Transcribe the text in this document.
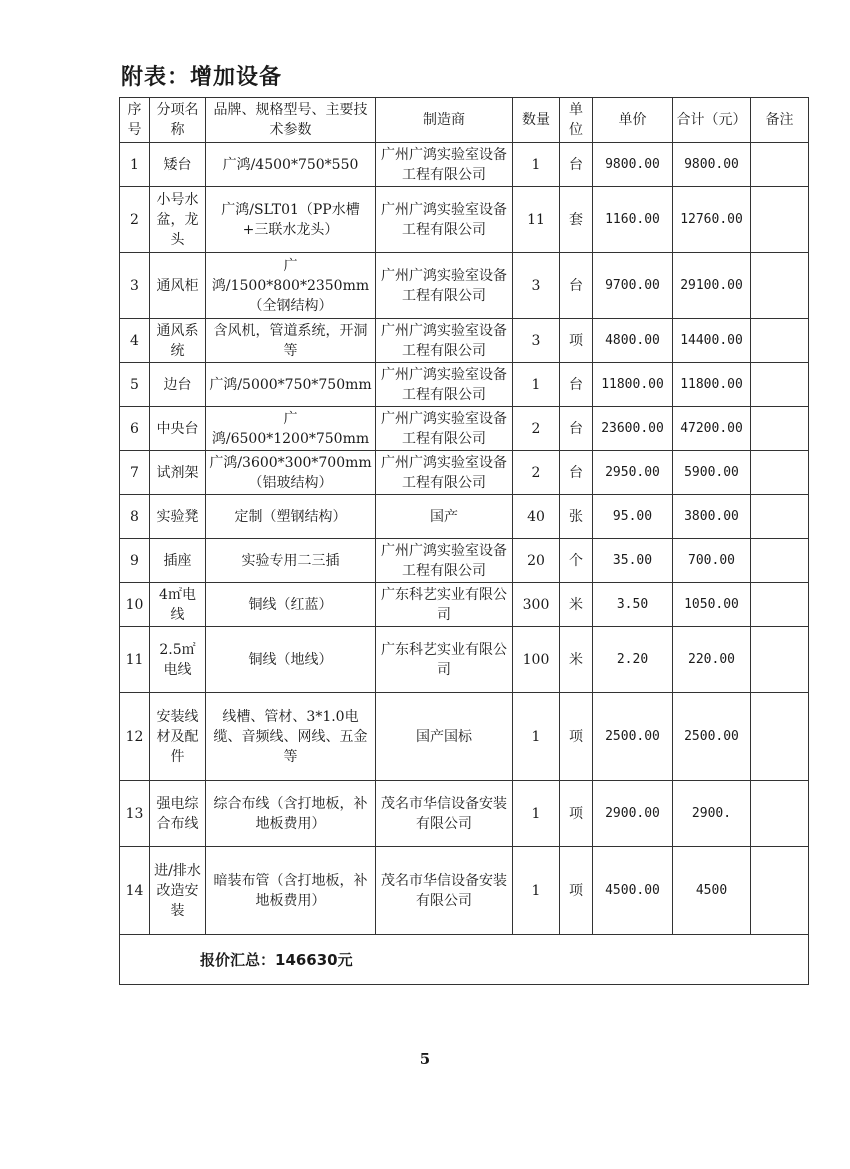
附表：增加设备
序号	分项名称	品牌、规格型号、主要技术参数	制造商	数量	单位	单价	合计（元）	备注
1	矮台	广鸿/4500*750*550	广州广鸿实验室设备工程有限公司	1	台	9800.00	9800.00	
2	小号水盆，龙头	广鸿/SLT01（PP水槽+三联水龙头）	广州广鸿实验室设备工程有限公司	11	套	1160.00	12760.00	
3	通风柜	广鸿/1500*800*2350mm（全钢结构）	广州广鸿实验室设备工程有限公司	3	台	9700.00	29100.00	
4	通风系统	含风机，管道系统，开洞等	广州广鸿实验室设备工程有限公司	3	项	4800.00	14400.00	
5	边台	广鸿/5000*750*750mm	广州广鸿实验室设备工程有限公司	1	台	11800.00	11800.00	
6	中央台	广鸿/6500*1200*750mm	广州广鸿实验室设备工程有限公司	2	台	23600.00	47200.00	
7	试剂架	广鸿/3600*300*700mm（铝玻结构）	广州广鸿实验室设备工程有限公司	2	台	2950.00	5900.00	
8	实验凳	定制（塑钢结构）	国产	40	张	95.00	3800.00	
9	插座	实验专用二三插	广州广鸿实验室设备工程有限公司	20	个	35.00	700.00	
10	4㎡电线	铜线（红蓝）	广东科艺实业有限公司	300	米	3.50	1050.00	
11	2.5㎡电线	铜线（地线）	广东科艺实业有限公司	100	米	2.20	220.00	
12	安装线材及配件	线槽、管材、3*1.0电缆、音频线、网线、五金等	国产国标	1	项	2500.00	2500.00	
13	强电综合布线	综合布线（含打地板，补地板费用）	茂名市华信设备安装有限公司	1	项	2900.00	2900.	
14	进/排水改造安装	暗装布管（含打地板，补地板费用）	茂名市华信设备安装有限公司	1	项	4500.00	4500	
报价汇总：146630元								
5
